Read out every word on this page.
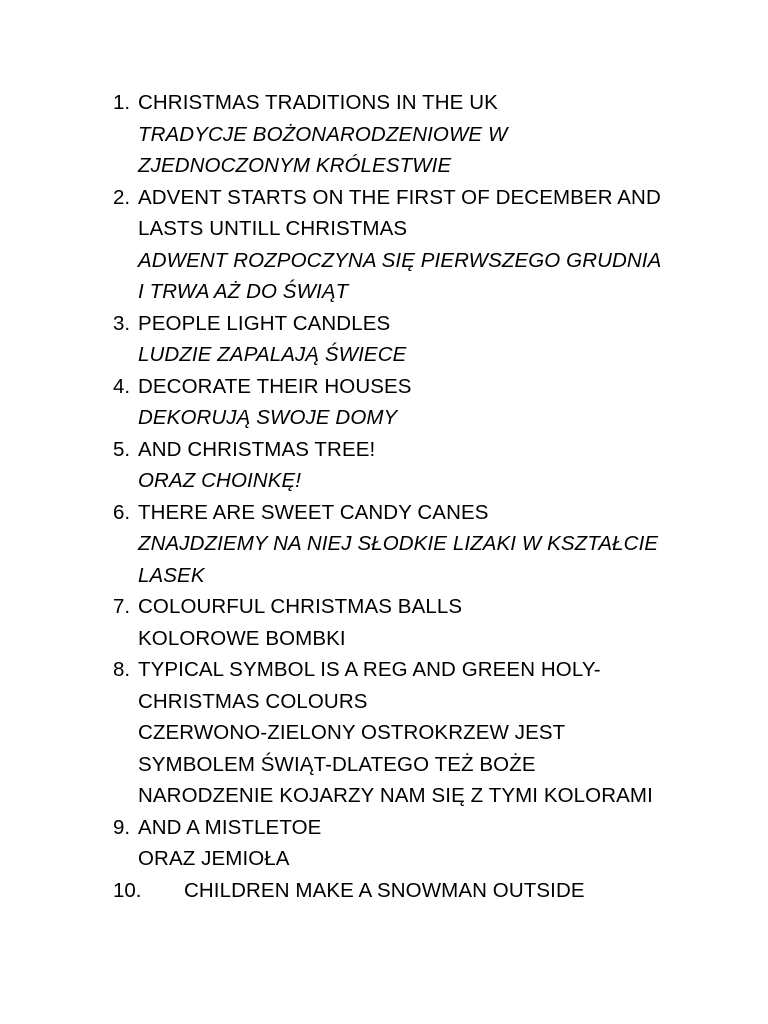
1. CHRISTMAS TRADITIONS IN THE UK
TRADYCJE BOŻONARODZENIOWE W
ZJEDNOCZONYM KRÓLESTWIE
2. ADVENT STARTS ON THE FIRST OF DECEMBER AND
LASTS UNTILL CHRISTMAS
ADWENT ROZPOCZYNA SIĘ PIERWSZEGO GRUDNIA
I TRWA AŻ DO ŚWIĄT
3. PEOPLE LIGHT CANDLES
LUDZIE ZAPALAJĄ ŚWIECE
4. DECORATE THEIR HOUSES
DEKORUJĄ SWOJE DOMY
5. AND CHRISTMAS TREE!
ORAZ CHOINKĘ!
6. THERE ARE SWEET CANDY CANES
ZNAJDZIEMY NA NIEJ SŁODKIE LIZAKI W KSZTAŁCIE
LASEK
7. COLOURFUL CHRISTMAS BALLS
KOLOROWE BOMBKI
8. TYPICAL SYMBOL IS A REG AND GREEN HOLY-
CHRISTMAS COLOURS
CZERWONO-ZIELONY OSTROKRZEW JEST
SYMBOLEM ŚWIĄT-DLATEGO TEŻ BOŻE
NARODZENIE KOJARZY NAM SIĘ Z TYMI KOLORAMI
9. AND A MISTLETOE
ORAZ JEMIOŁA
10. CHILDREN MAKE A SNOWMAN OUTSIDE
